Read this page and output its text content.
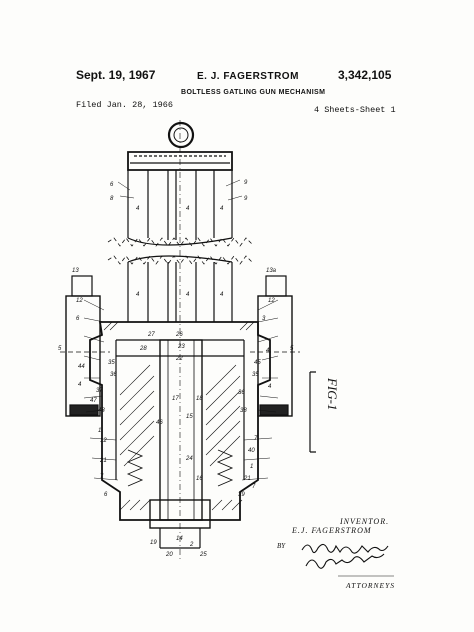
Sept. 19, 1967	E. J. FAGERSTROM	3,342,105
BOLTLESS GATLING GUN MECHANISM
Filed Jan. 28, 1966	4 Sheets-Sheet 1
6
8
9
9
4	4	4
4	4	4
13
12
6
5
44
35
36
37
4
1
47
48
12
21
7
6
13a
12
3
5
4
45
35
4
36
38
7
40
1
21
7
39
27	26
23
28
22
17	18
15
46
24
16
19
20
14
2
25
FIG-1
INVENTOR.
E.J. FAGERSTROM
BY
ATTORNEYS
